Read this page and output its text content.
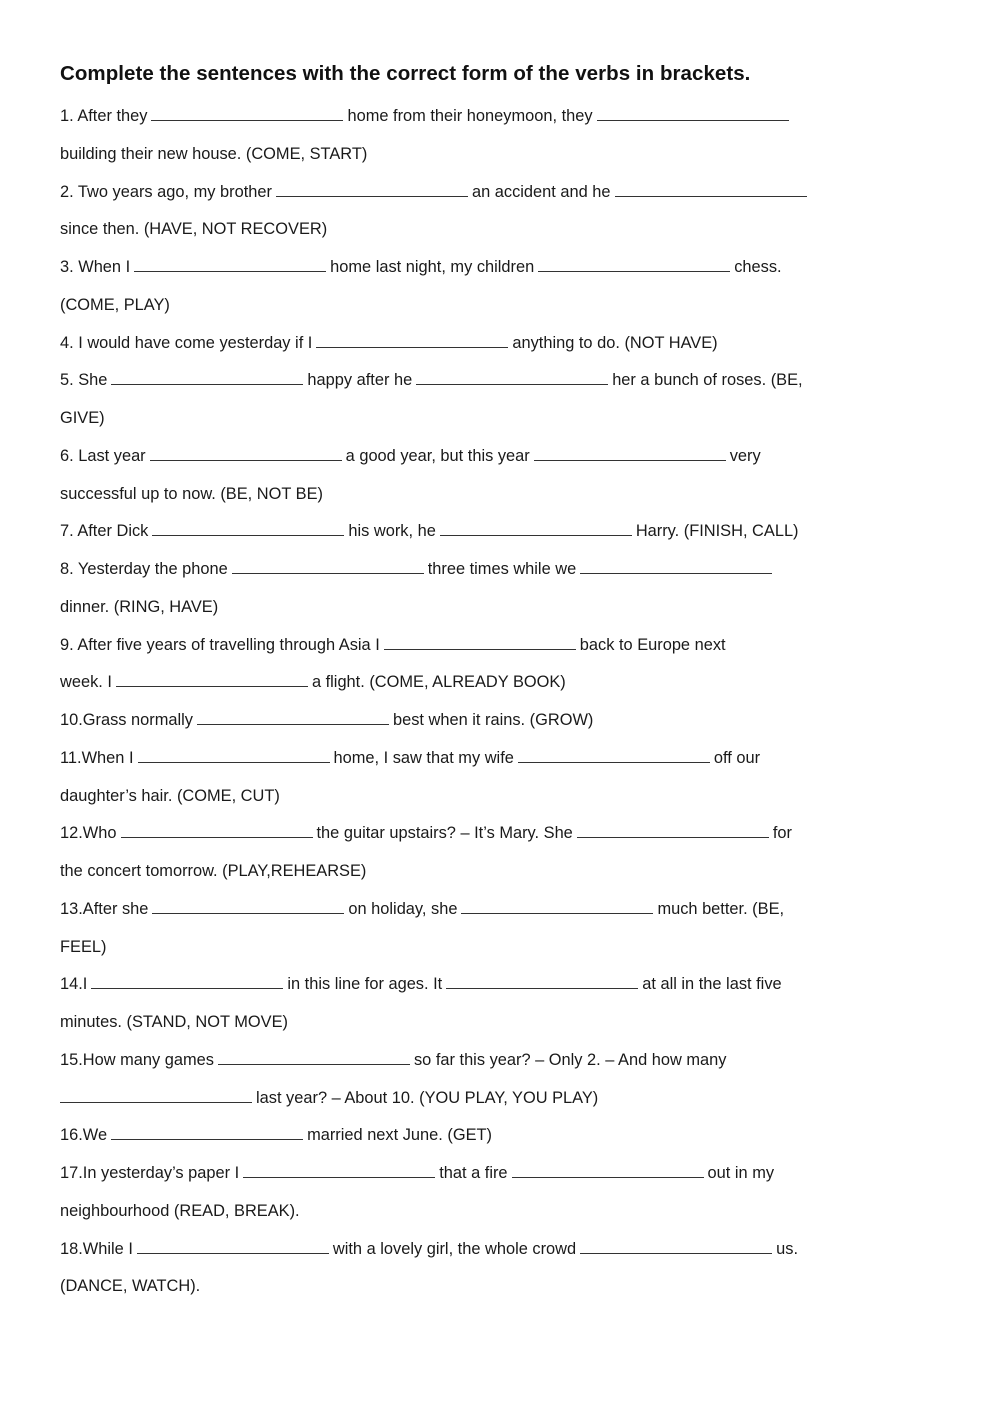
Complete the sentences with the correct form of the verbs in brackets.
1. After they	home from their honeymoon, they
building their new house. (COME, START)
2. Two years ago, my brother	an accident and he
since then. (HAVE, NOT RECOVER)
3. When I	home last night, my children	chess.
(COME, PLAY)
4. I would have come yesterday if I	anything to do. (NOT HAVE)
5. She	happy after he	her a bunch of roses. (BE,
GIVE)
6. Last year	a good year, but this year	very
successful up to now. (BE, NOT BE)
7. After Dick	his work, he	Harry. (FINISH, CALL)
8. Yesterday the phone	three times while we
dinner. (RING, HAVE)
9. After five years of travelling through Asia I	back to Europe next
week. I	a flight. (COME, ALREADY BOOK)
10.Grass normally	best when it rains. (GROW)
11.When I	home, I saw that my wife	off our
daughter’s hair. (COME, CUT)
12.Who	the guitar upstairs? – It’s Mary. She	for
the concert tomorrow. (PLAY,REHEARSE)
13.After she	on holiday, she	much better. (BE,
FEEL)
14.I	in this line for ages. It	at all in the last five
minutes. (STAND, NOT MOVE)
15.How many games	so far this year? – Only 2. – And how many
last year? – About 10. (YOU PLAY, YOU PLAY)
16.We	married next June. (GET)
17.In yesterday’s paper I	that a fire	out in my
neighbourhood (READ, BREAK).
18.While I	with a lovely girl, the whole crowd	us.
(DANCE, WATCH).
